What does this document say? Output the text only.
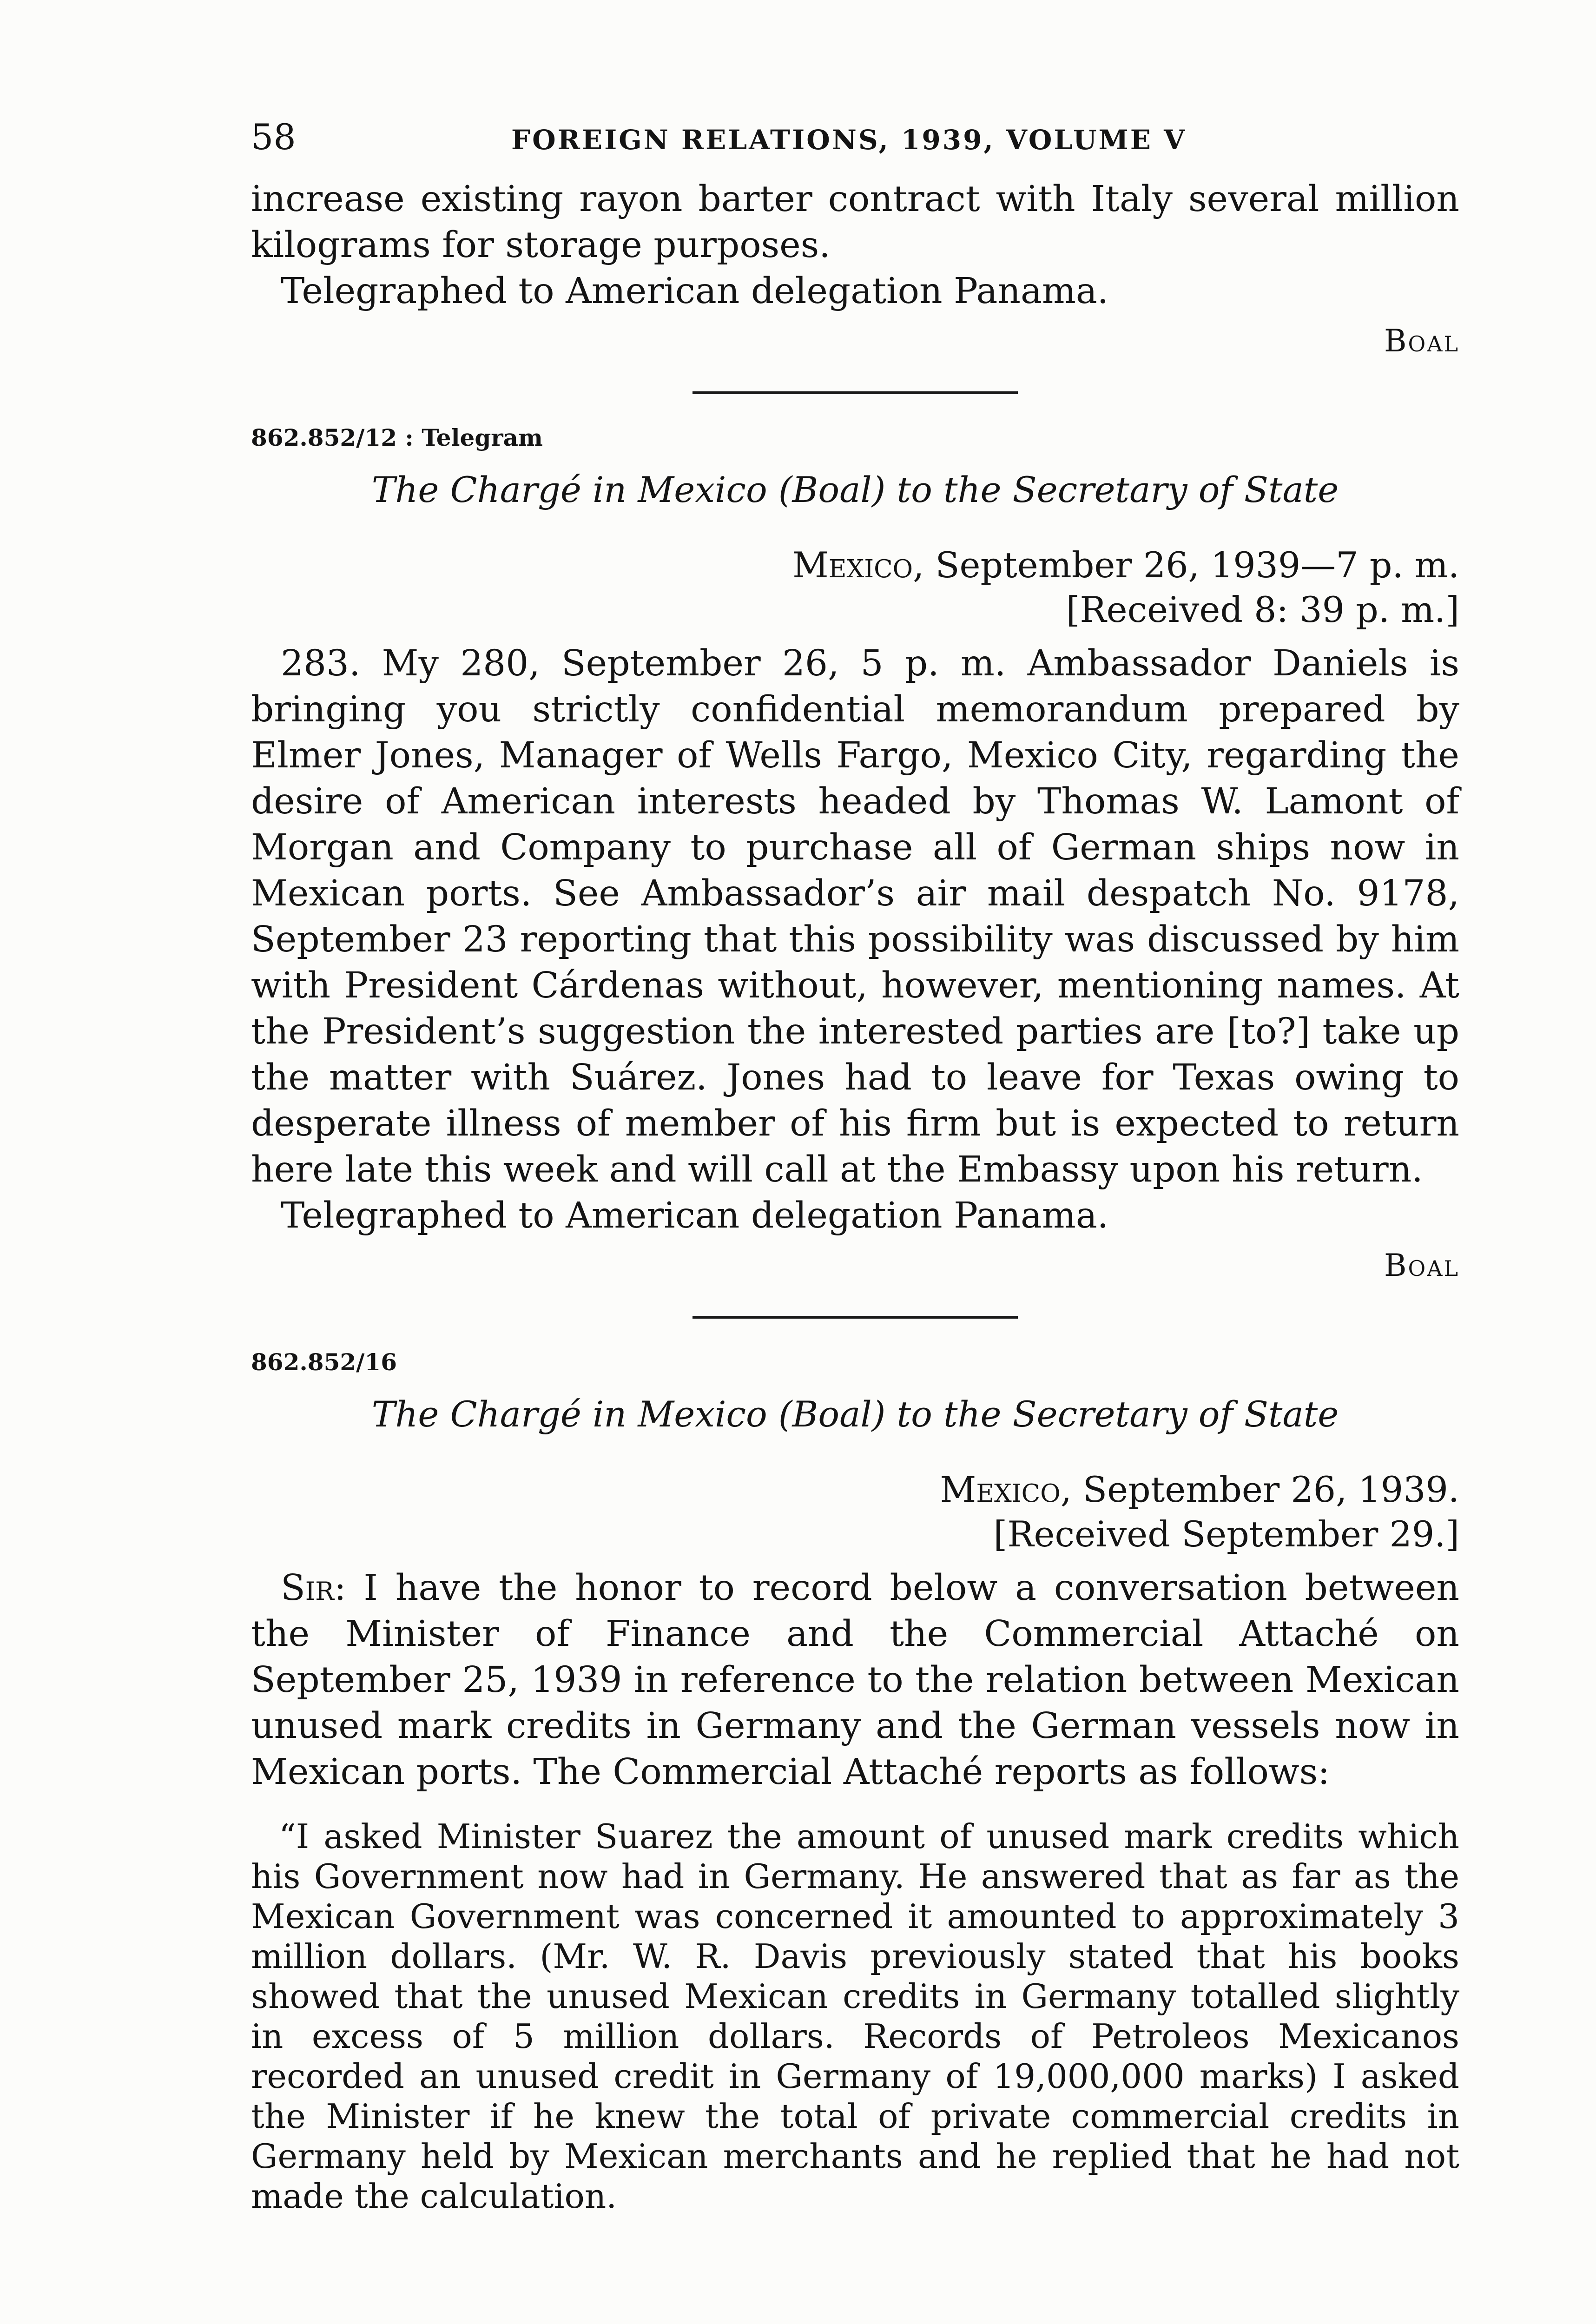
58	FOREIGN RELATIONS, 1939, VOLUME V

increase existing rayon barter contract with Italy several million kilograms for storage purposes.

Telegraphed to American delegation Panama.

Boal
862.852/12 : Telegram
The Chargé in Mexico (Boal) to the Secretary of State
Mexico, September 26, 1939—7 p. m.
[Received 8: 39 p. m.]

283. My 280, September 26, 5 p. m. Ambassador Daniels is bringing you strictly confidential memorandum prepared by Elmer Jones, Manager of Wells Fargo, Mexico City, regarding the desire of American interests headed by Thomas W. Lamont of Morgan and Company to purchase all of German ships now in Mexican ports. See Ambassador’s air mail despatch No. 9178, September 23 reporting that this possibility was discussed by him with President Cárdenas without, however, mentioning names. At the President’s suggestion the interested parties are [to?] take up the matter with Suárez. Jones had to leave for Texas owing to desperate illness of member of his firm but is expected to return here late this week and will call at the Embassy upon his return.

Telegraphed to American delegation Panama.

Boal
862.852/16
The Chargé in Mexico (Boal) to the Secretary of State
Mexico, September 26, 1939.
[Received September 29.]

Sir: I have the honor to record below a conversation between the Minister of Finance and the Commercial Attaché on September 25, 1939 in reference to the relation between Mexican unused mark credits in Germany and the German vessels now in Mexican ports. The Commercial Attaché reports as follows:

“I asked Minister Suarez the amount of unused mark credits which his Government now had in Germany. He answered that as far as the Mexican Government was concerned it amounted to approximately 3 million dollars. (Mr. W. R. Davis previously stated that his books showed that the unused Mexican credits in Germany totalled slightly in excess of 5 million dollars. Records of Petroleos Mexicanos recorded an unused credit in Germany of 19,000,000 marks) I asked the Minister if he knew the total of private commercial credits in Germany held by Mexican merchants and he replied that he had not made the calculation.
